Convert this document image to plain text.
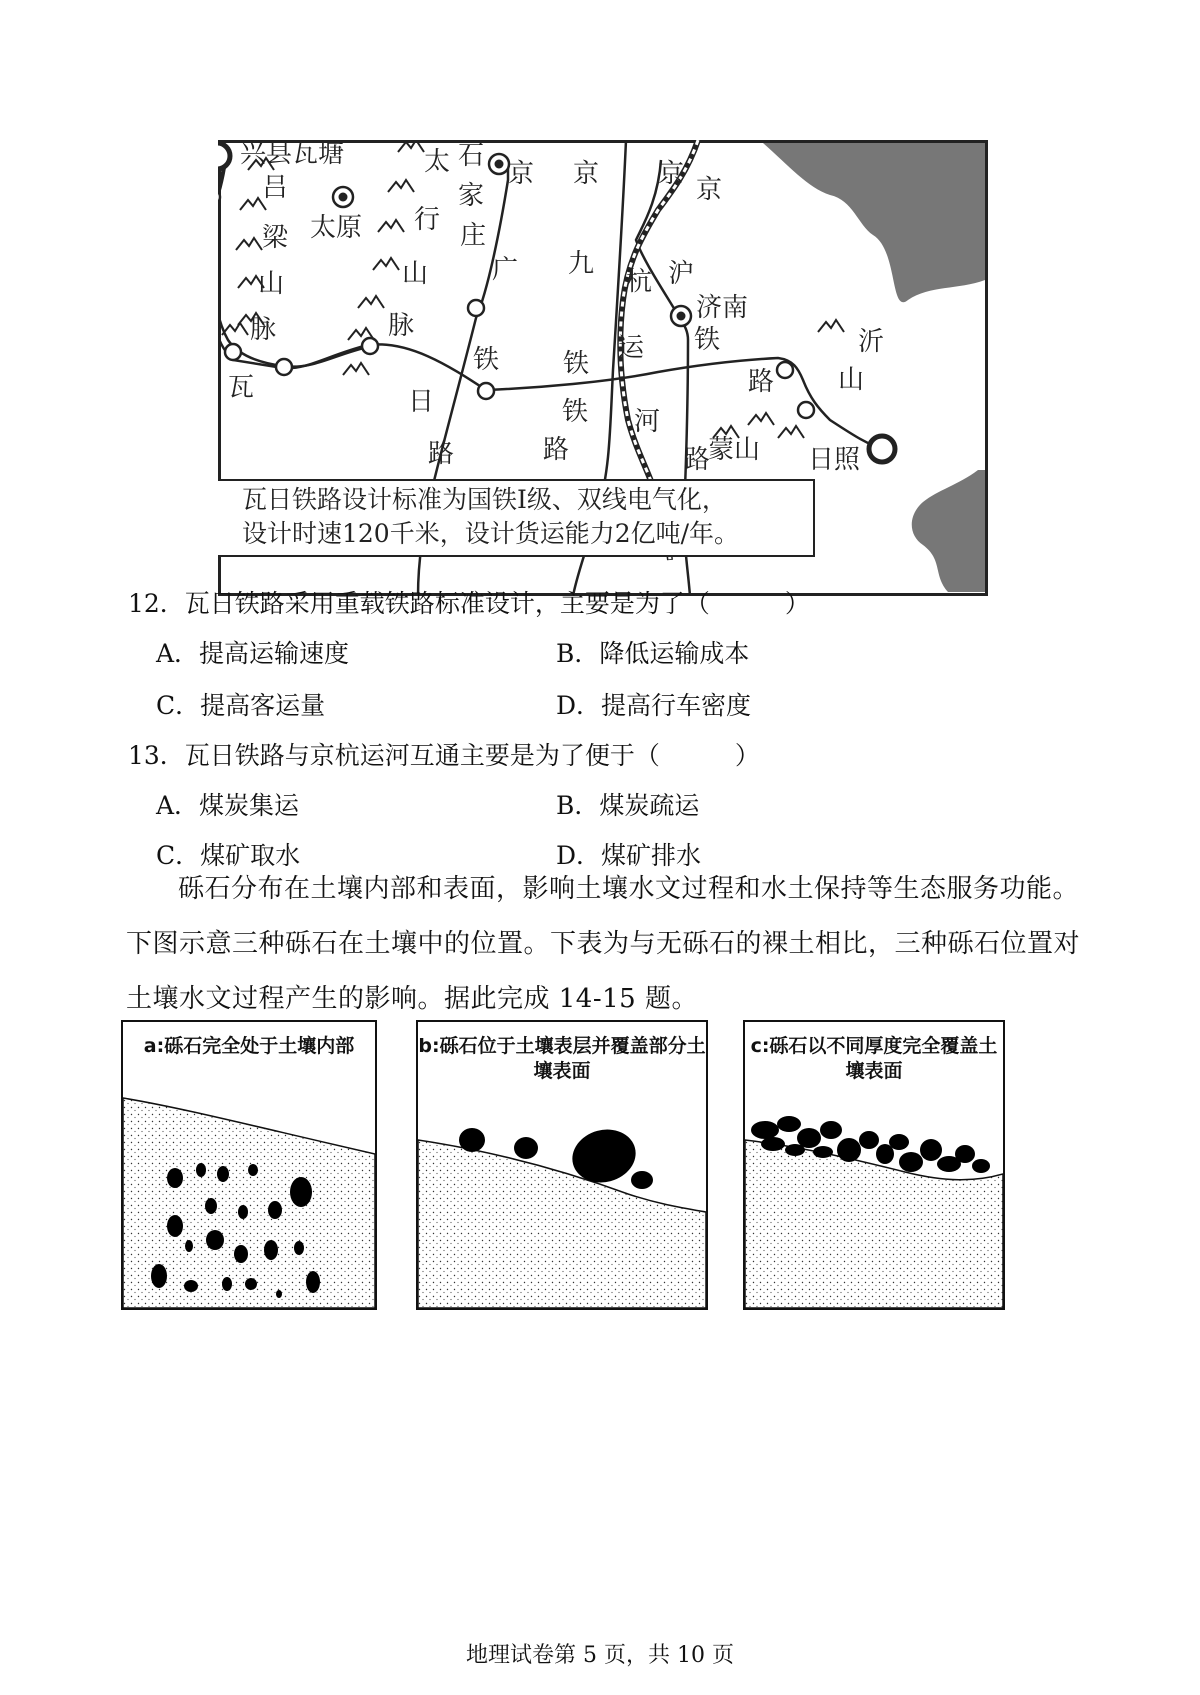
兴县瓦塘
太原
吕
梁
山
脉
太
行
山
脉
石
家
庄
京
广
铁
路
京
九
铁
路
京
京
沪
铁
路
杭
运
河
济南
瓦	日	铁
路
蒙山
沂
山
日照
瓦日铁路设计标准为国铁Ⅰ级、双线电气化，
设计时速120千米，设计货运能力2亿吨/年。
12．瓦日铁路采用重载铁路标准设计，主要是为了（　　　）
A．提高运输速度	B．降低运输成本
C．提高客运量	D．提高行车密度
13．瓦日铁路与京杭运河互通主要是为了便于（　　　）
A．煤炭集运	B．煤炭疏运
C．煤矿取水	D．煤矿排水
砾石分布在土壤内部和表面，影响土壤水文过程和水土保持等生态服务功能。下图示意三种砾石在土壤中的位置。下表为与无砾石的裸土相比，三种砾石位置对土壤水文过程产生的影响。据此完成 14-15 题。
a:砾石完全处于土壤内部	b:砾石位于土壤表层并覆盖部分土壤表面
c:砾石以不同厚度完全覆盖土壤表面
地理试卷第 5 页，共 10 页
